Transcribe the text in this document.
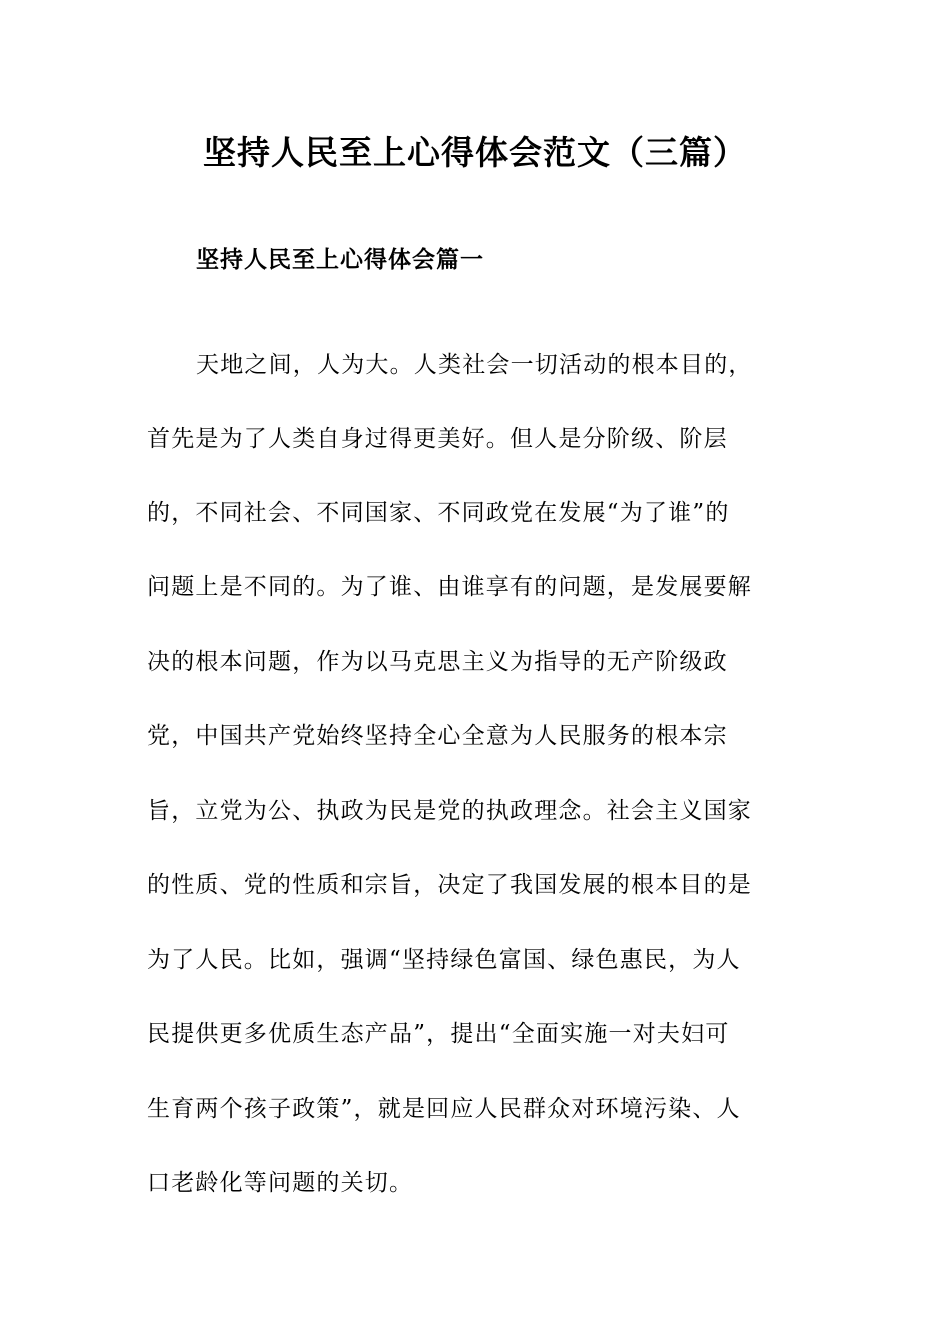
坚持人民至上心得体会范文（三篇）
坚持人民至上心得体会篇一
天地之间，人为大。人类社会一切活动的根本目的，
首先是为了人类自身过得更美好。但人是分阶级、阶层
的，不同社会、不同国家、不同政党在发展“为了谁”的
问题上是不同的。为了谁、由谁享有的问题，是发展要解
决的根本问题，作为以马克思主义为指导的无产阶级政
党，中国共产党始终坚持全心全意为人民服务的根本宗
旨，立党为公、执政为民是党的执政理念。社会主义国家
的性质、党的性质和宗旨，决定了我国发展的根本目的是
为了人民。比如，强调“坚持绿色富国、绿色惠民，为人
民提供更多优质生态产品”，提出“全面实施一对夫妇可
生育两个孩子政策”，就是回应人民群众对环境污染、人
口老龄化等问题的关切。
